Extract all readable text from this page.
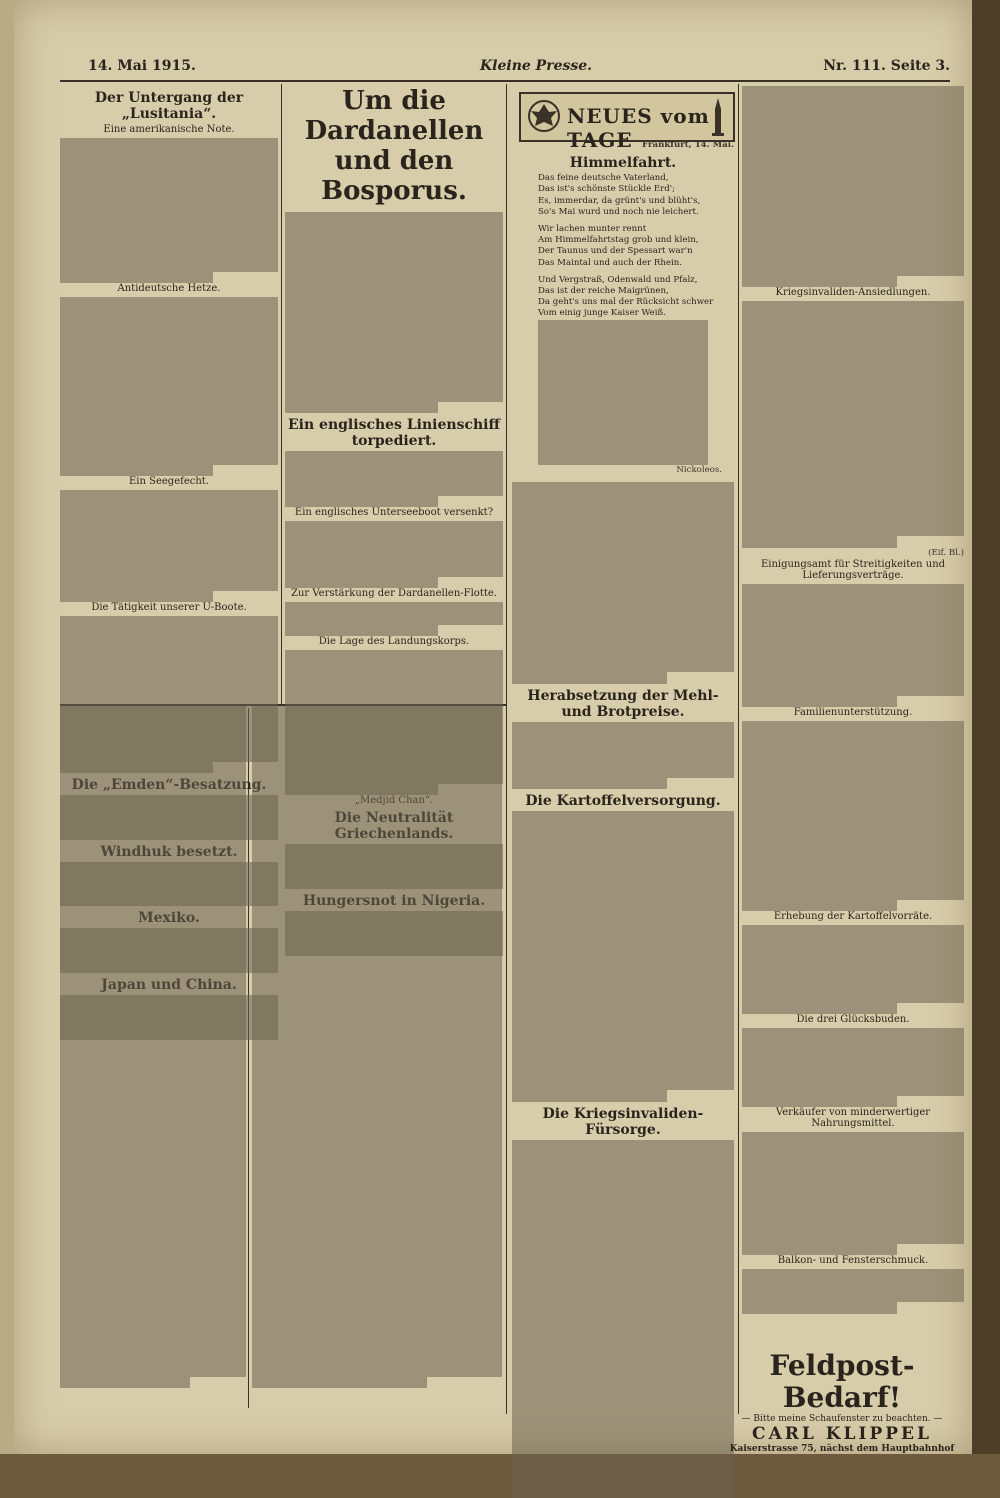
14. Mai 1915.	Kleine Presse.	Nr. 111. Seite 3.
Der Untergang der „Lusitania“.
Eine amerikanische Note.
Antideutsche Hetze.
Ein Seegefecht.
Die Tätigkeit unserer U-Boote.
Um die Dardanellen und den Bosporus.
Ein englisches Linienschiff torpediert.
Ein englisches Unterseeboot versenkt?
Zur Verstärkung der Dardanellen-Flotte.
Die Lage des Landungskorps.
NEUES vom TAGE	Frankfurt, 14. Mai.
Himmelfahrt.
Das feine deutsche Vaterland,
Das ist's schönste Stückle Erd';
Es, immerdar, da grünt's und blüht's,
So's Mai wurd und noch nie leichert.
Wir lachen munter rennt
Am Himmelfahrtstag grob und klein,
Der Taunus und der Spessart war'n
Das Maintal und auch der Rhein.
Und Vergstraß, Odenwald und Pfalz,
Das ist der reiche Maigrünen,
Da geht's uns mal der Rücksicht schwer
Vom einig junge Kaiser Weiß.
Nickoleos.
Herabsetzung der Mehl- und Brotpreise.
Die Kartoffelversorgung.
Die Kriegsinvaliden-Fürsorge.
Kriegsinvaliden-Ansiedlungen.
(Eif. Bl.)
Einigungsamt für Streitigkeiten und Lieferungsverträge.
Familienunterstützung.
Erhebung der Kartoffelvorräte.
Die drei Glücksbuden.
Verkäufer von minderwertiger Nahrungsmittel.
Balkon- und Fensterschmuck.
Feldpost-Bedarf!
— Bitte meine Schaufenster zu beachten. —
CARL KLIPPEL
Kaiserstrasse 75, nächst dem Hauptbahnhof
